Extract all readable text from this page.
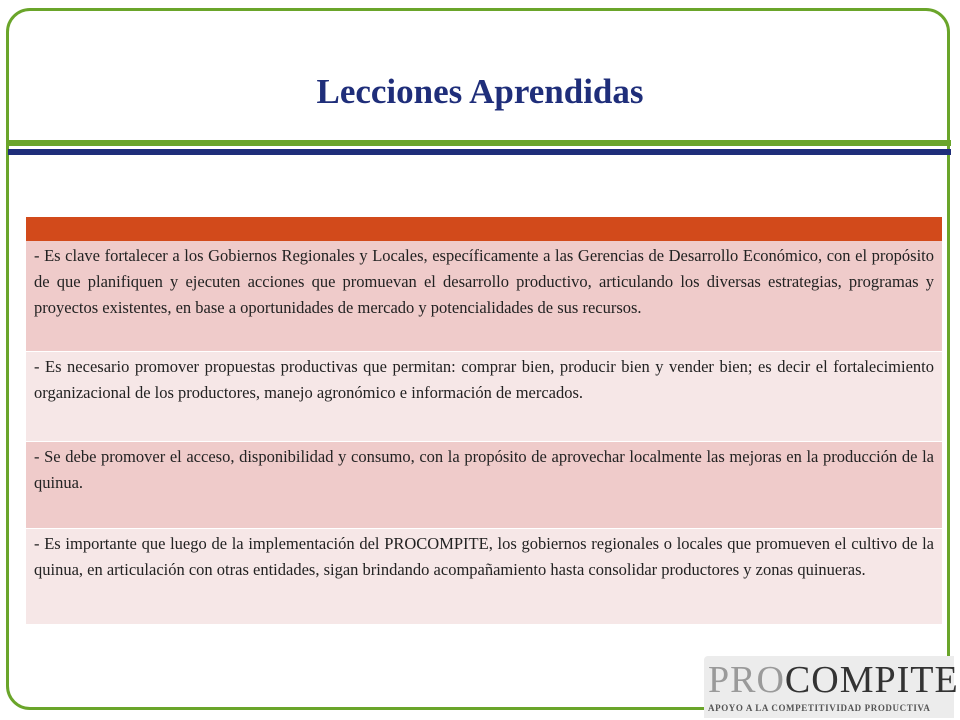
Lecciones Aprendidas
- Es clave fortalecer a los Gobiernos Regionales y Locales, específicamente a las Gerencias de Desarrollo Económico, con el propósito de que planifiquen y ejecuten acciones que promuevan el desarrollo productivo, articulando los diversas estrategias, programas y proyectos existentes, en base a oportunidades de mercado y potencialidades de sus recursos.
- Es necesario promover propuestas productivas que permitan: comprar bien, producir bien y vender bien; es decir el fortalecimiento organizacional de los productores, manejo agronómico e información de mercados.
- Se debe promover el acceso, disponibilidad y consumo, con la propósito de aprovechar localmente las mejoras en la producción de la quinua.
- Es importante que luego de la implementación del PROCOMPITE, los gobiernos regionales o locales que promueven el cultivo de la quinua, en articulación con otras entidades, sigan brindando acompañamiento hasta consolidar productores y zonas quinueras.
PROCOMPITE
APOYO A LA COMPETITIVIDAD PRODUCTIVA
